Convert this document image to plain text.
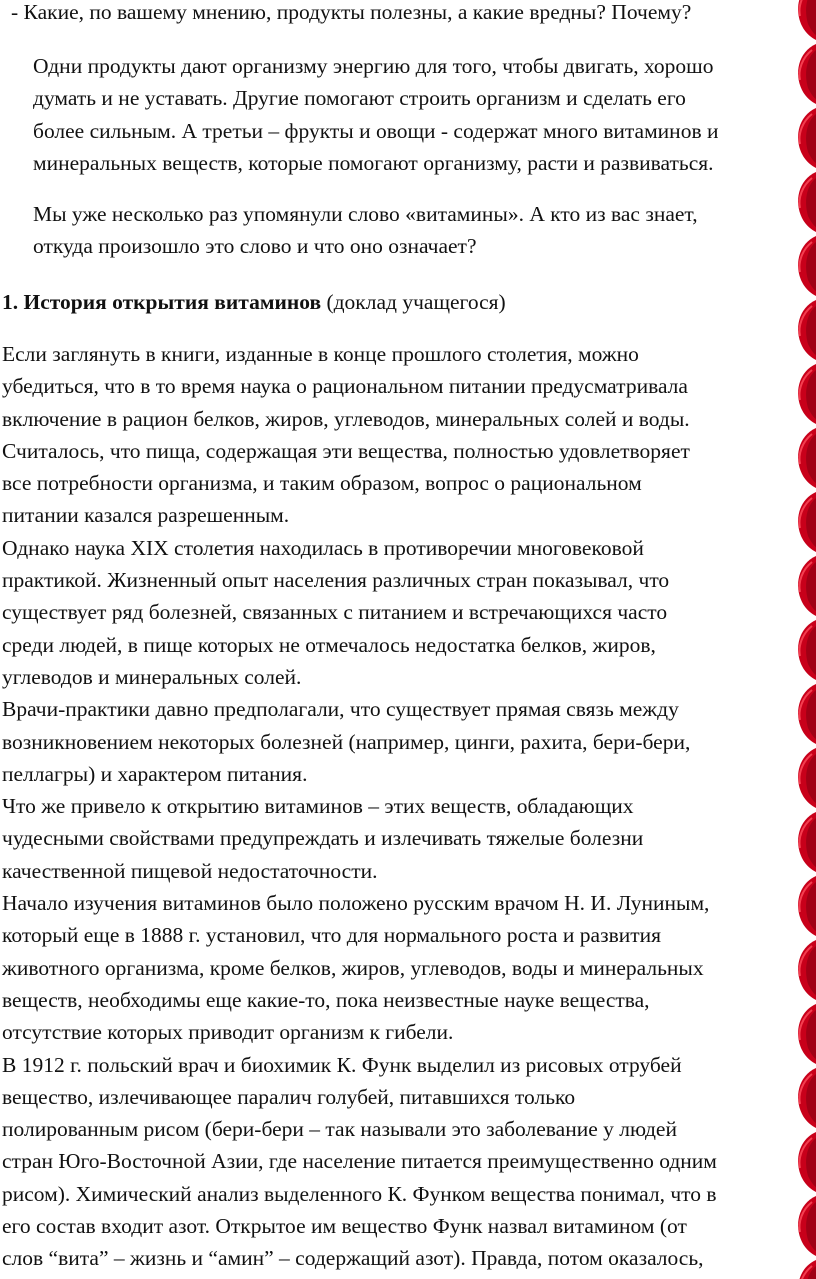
- Какие, по вашему мнению, продукты полезны, а какие вредны? Почему?

Одни продукты дают организму энергию для того, чтобы двигать, хорошо
думать и не уставать. Другие помогают строить организм и сделать его
более сильным. А третьи – фрукты и овощи - содержат много витаминов и
минеральных веществ, которые помогают организму, расти и развиваться.

Мы уже несколько раз упомянули слово «витамины». А кто из вас знает,
откуда произошло это слово и что оно означает?

1. История открытия витаминов (доклад учащегося)

Если заглянуть в книги, изданные в конце прошлого столетия, можно
убедиться, что в то время наука о рациональном питании предусматривала
включение в рацион белков, жиров, углеводов, минеральных солей и воды.
Считалось, что пища, содержащая эти вещества, полностью удовлетворяет
все потребности организма, и таким образом, вопрос о рациональном
питании казался разрешенным.
Однако наука XIX столетия находилась в противоречии многовековой
практикой. Жизненный опыт населения различных стран показывал, что
существует ряд болезней, связанных с питанием и встречающихся часто
среди людей, в пище которых не отмечалось недостатка белков, жиров,
углеводов и минеральных солей.
Врачи-практики давно предполагали, что существует прямая связь между
возникновением некоторых болезней (например, цинги, рахита, бери-бери,
пеллагры) и характером питания.
Что же привело к открытию витаминов – этих веществ, обладающих
чудесными свойствами предупреждать и излечивать тяжелые болезни
качественной пищевой недостаточности.
Начало изучения витаминов было положено русским врачом Н. И. Луниным,
который еще в 1888 г. установил, что для нормального роста и развития
животного организма, кроме белков, жиров, углеводов, воды и минеральных
веществ, необходимы еще какие-то, пока неизвестные науке вещества,
отсутствие которых приводит организм к гибели.
В 1912 г. польский врач и биохимик К. Функ выделил из рисовых отрубей
вещество, излечивающее паралич голубей, питавшихся только
полированным рисом (бери-бери – так называли это заболевание у людей
стран Юго-Восточной Азии, где население питается преимущественно одним
рисом). Химический анализ выделенного К. Функом вещества понимал, что в
его состав входит азот. Открытое им вещество Функ назвал витамином (от
слов “вита” – жизнь и “амин” – содержащий азот). Правда, потом оказалось,
